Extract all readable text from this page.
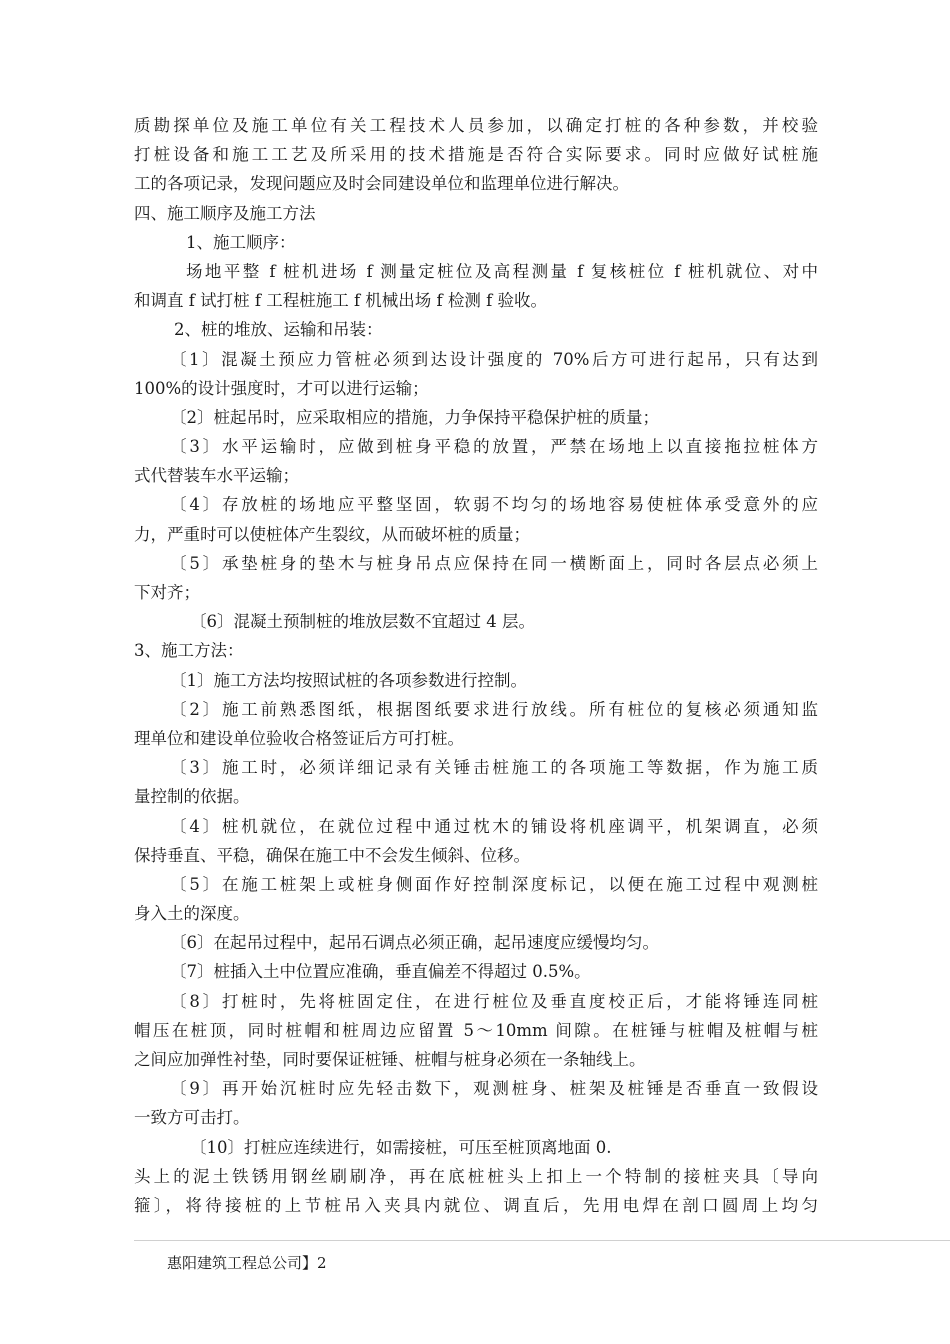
质勘探单位及施工单位有关工程技术人员参加，以确定打桩的各种参数，并校验
打桩设备和施工工艺及所采用的技术措施是否符合实际要求。同时应做好试桩施
工的各项记录，发现问题应及时会同建设单位和监理单位进行解决。
四、施工顺序及施工方法
1、施工顺序：
场地平整 f 桩机进场 f 测量定桩位及高程测量 f 复核桩位 f 桩机就位、对中
和调直 f 试打桩 f 工程桩施工 f 机械出场 f 检测 f 验收。
2、桩的堆放、运输和吊装：
〔1〕混凝土预应力管桩必须到达设计强度的 70%后方可进行起吊，只有达到
100%的设计强度时，才可以进行运输；
〔2〕桩起吊时，应采取相应的措施，力争保持平稳保护桩的质量；
〔3〕水平运输时，应做到桩身平稳的放置，严禁在场地上以直接拖拉桩体方
式代替装车水平运输；
〔4〕存放桩的场地应平整坚固，软弱不均匀的场地容易使桩体承受意外的应
力，严重时可以使桩体产生裂纹，从而破坏桩的质量；
〔5〕承垫桩身的垫木与桩身吊点应保持在同一横断面上，同时各层点必须上
下对齐；
〔6〕混凝土预制桩的堆放层数不宜超过 4 层。
3、施工方法：
〔1〕施工方法均按照试桩的各项参数进行控制。
〔2〕施工前熟悉图纸，根据图纸要求进行放线。所有桩位的复核必须通知监
理单位和建设单位验收合格签证后方可打桩。
〔3〕施工时，必须详细记录有关锤击桩施工的各项施工等数据，作为施工质
量控制的依据。
〔4〕桩机就位，在就位过程中通过枕木的铺设将机座调平，机架调直，必须
保持垂直、平稳，确保在施工中不会发生倾斜、位移。
〔5〕在施工桩架上或桩身侧面作好控制深度标记，以便在施工过程中观测桩
身入土的深度。
〔6〕在起吊过程中，起吊石调点必须正确，起吊速度应缓慢均匀。
〔7〕桩插入土中位置应准确，垂直偏差不得超过 0.5%。
〔8〕打桩时，先将桩固定住，在进行桩位及垂直度校正后，才能将锤连同桩
帽压在桩顶，同时桩帽和桩周边应留置 5〜10mm 间隙。在桩锤与桩帽及桩帽与桩
之间应加弹性衬垫，同时要保证桩锤、桩帽与桩身必须在一条轴线上。
〔9〕再开始沉桩时应先轻击数下，观测桩身、桩架及桩锤是否垂直一致假设
一致方可击打。
〔10〕打桩应连续进行，如需接桩，可压至桩顶离地面 0.
头上的泥土铁锈用钢丝刷刷净，再在底桩桩头上扣上一个特制的接桩夹具〔导向
箍〕，将待接桩的上节桩吊入夹具内就位、调直后，先用电焊在剖口圆周上均匀
惠阳建筑工程总公司】2
